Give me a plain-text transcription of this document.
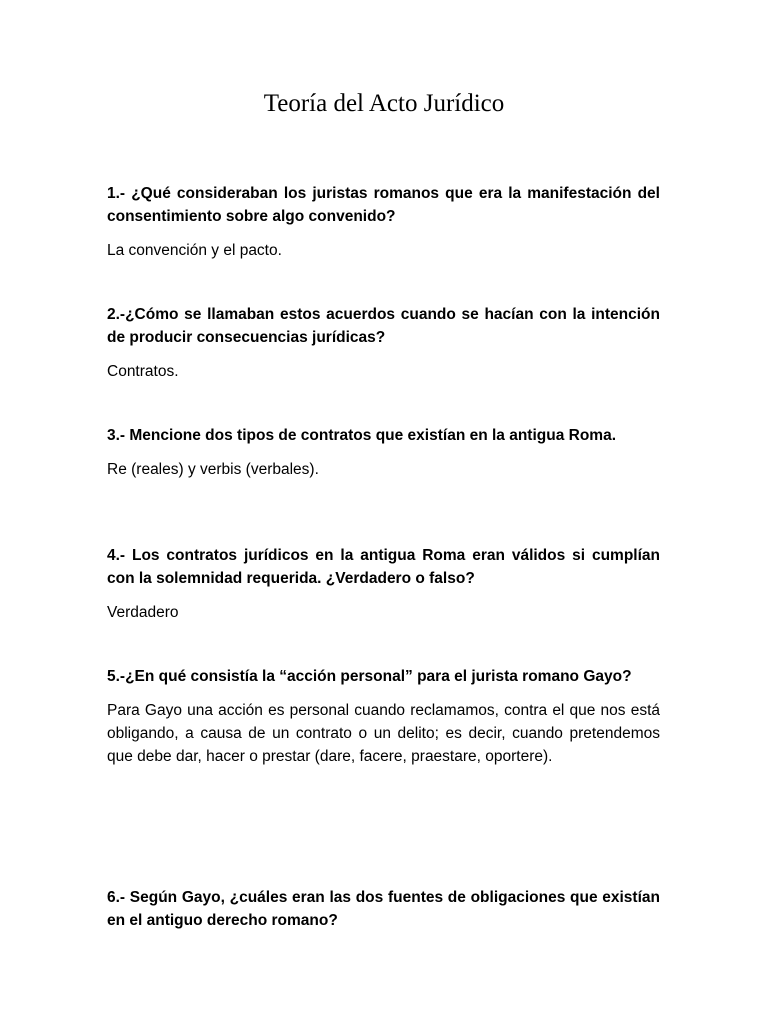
Teoría del Acto Jurídico

1.- ¿Qué consideraban los juristas romanos que era la manifestación del consentimiento sobre algo convenido?

La convención y el pacto.

2.-¿Cómo se llamaban estos acuerdos cuando se hacían con la intención de producir consecuencias jurídicas?

Contratos.

3.- Mencione dos tipos de contratos que existían en la antigua Roma.

Re (reales) y verbis (verbales).

4.- Los contratos jurídicos en la antigua Roma eran válidos si cumplían con la solemnidad requerida. ¿Verdadero o falso?

Verdadero

5.-¿En qué consistía la “acción personal” para el jurista romano Gayo?

Para Gayo una acción es personal cuando reclamamos, contra el que nos está obligando, a causa de un contrato o un delito; es decir, cuando pretendemos que debe dar, hacer o prestar (dare, facere, praestare, oportere).

6.- Según Gayo, ¿cuáles eran las dos fuentes de obligaciones que existían en el antiguo derecho romano?
